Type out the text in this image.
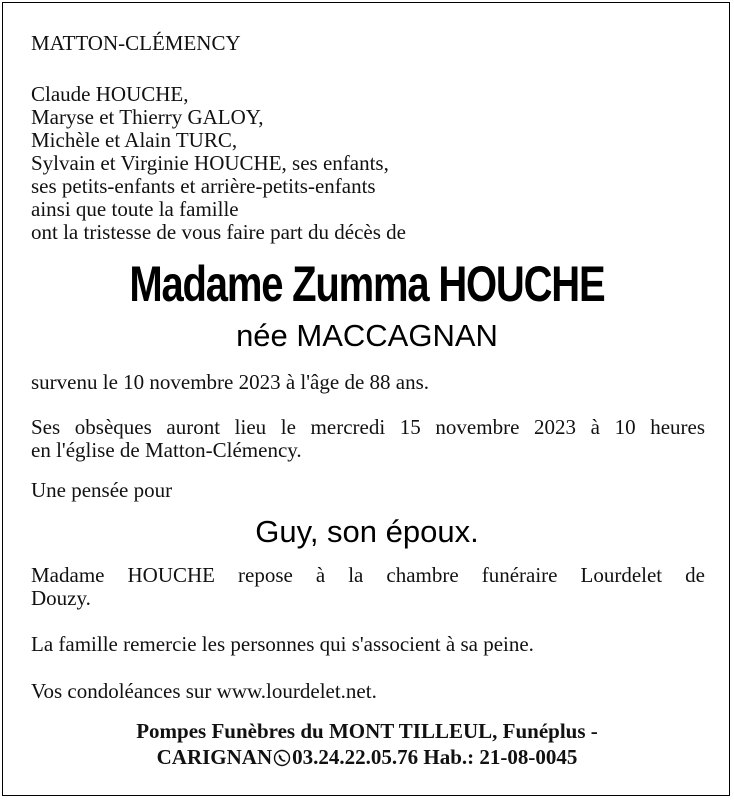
MATTON-CLÉMENCY
Claude HOUCHE,
Maryse et Thierry GALOY,
Michèle et Alain TURC,
Sylvain et Virginie HOUCHE, ses enfants,
ses petits-enfants et arrière-petits-enfants
ainsi que toute la famille
ont la tristesse de vous faire part du décès de
Madame Zumma HOUCHE
née MACCAGNAN
survenu le 10 novembre 2023 à l'âge de 88 ans.
Ses obsèques auront lieu le mercredi 15 novembre 2023 à 10 heures
en l'église de Matton-Clémency.
Une pensée pour
Guy, son époux.
Madame HOUCHE repose à la chambre funéraire Lourdelet de
Douzy.
La famille remercie les personnes qui s'associent à sa peine.
Vos condoléances sur www.lourdelet.net.
Pompes Funèbres du MONT TILLEUL, Funéplus -
CARIGNAN 03.24.22.05.76 Hab.: 21-08-0045
